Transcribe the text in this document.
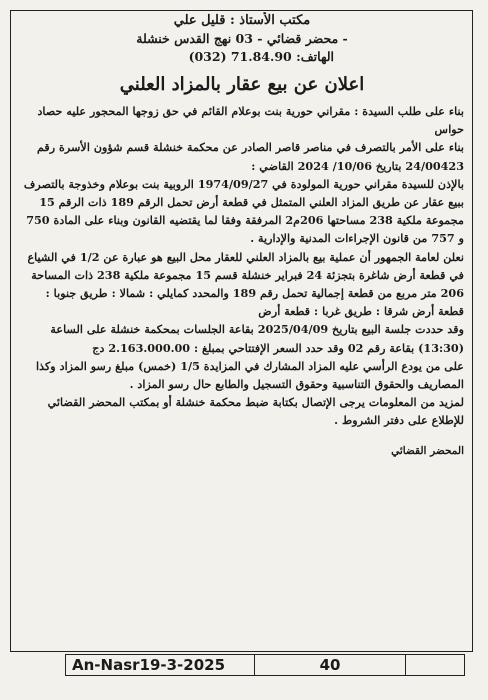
مكتب الأستاذ : قليل علي

- محضر قضائي - 03 نهج القدس خنشلة

الهاتف: 71.84.90 (032)

اعلان عن بيع عقار بالمزاد العلني

بناء على طلب السيدة : مقراني حورية بنت بوعلام القائم في حق زوجها المحجور عليه حصاد حواس

بناء على الأمر بالتصرف في مناصر قاصر الصادر عن محكمة خنشلة قسم شؤون الأسرة رقم 24/00423 بتاريخ 10/06/ 2024 القاضي :

بالإذن للسيدة مقراني حورية المولودة في 1974/09/27 الروبية بنت بوعلام وخذوجة بالتصرف ببيع عقار عن طريق المزاد العلني المتمثل في قطعة أرض تحمل الرقم 189 ذات الرقم 15 مجموعة ملكية 238 مساحتها 206م2 المرفقة وفقا لما يقتضيه القانون وبناء على المادة 750 و 757 من قانون الإجراءات المدنية والإدارية .

نعلن لعامة الجمهور أن عملية بيع بالمزاد العلني للعقار محل البيع هو عبارة عن 1/2 في الشياع في قطعة أرض شاغرة بتجزئة 24 فبراير خنشلة قسم 15 مجموعة ملكية 238 ذات المساحة 206 متر مربع من قطعة إجمالية تحمل رقم 189 والمحدد كمايلي : شمالا : طريق جنوبا : قطعة أرض شرقا : طريق غربا : قطعة أرض

وقد حددت جلسة البيع بتاريخ 2025/04/09 بقاعة الجلسات بمحكمة خنشلة على الساعة (13:30) بقاعة رقم 02 وقد حدد السعر الإفتتاحي بمبلغ : 2.163.000.00 دج

على من يودع الرأسي عليه المزاد المشارك في المزايدة 1/5 (خمس) مبلغ رسو المزاد وكذا المصاريف والحقوق التناسبية وحقوق التسجيل والطابع حال رسو المزاد .

لمزيد من المعلومات يرجى الإتصال بكتابة ضبط محكمة خنشلة أو بمكتب المحضر القضائي للإطلاع على دفتر الشروط .

المحضر القضائي

An-Nasr19-3-2025	40
